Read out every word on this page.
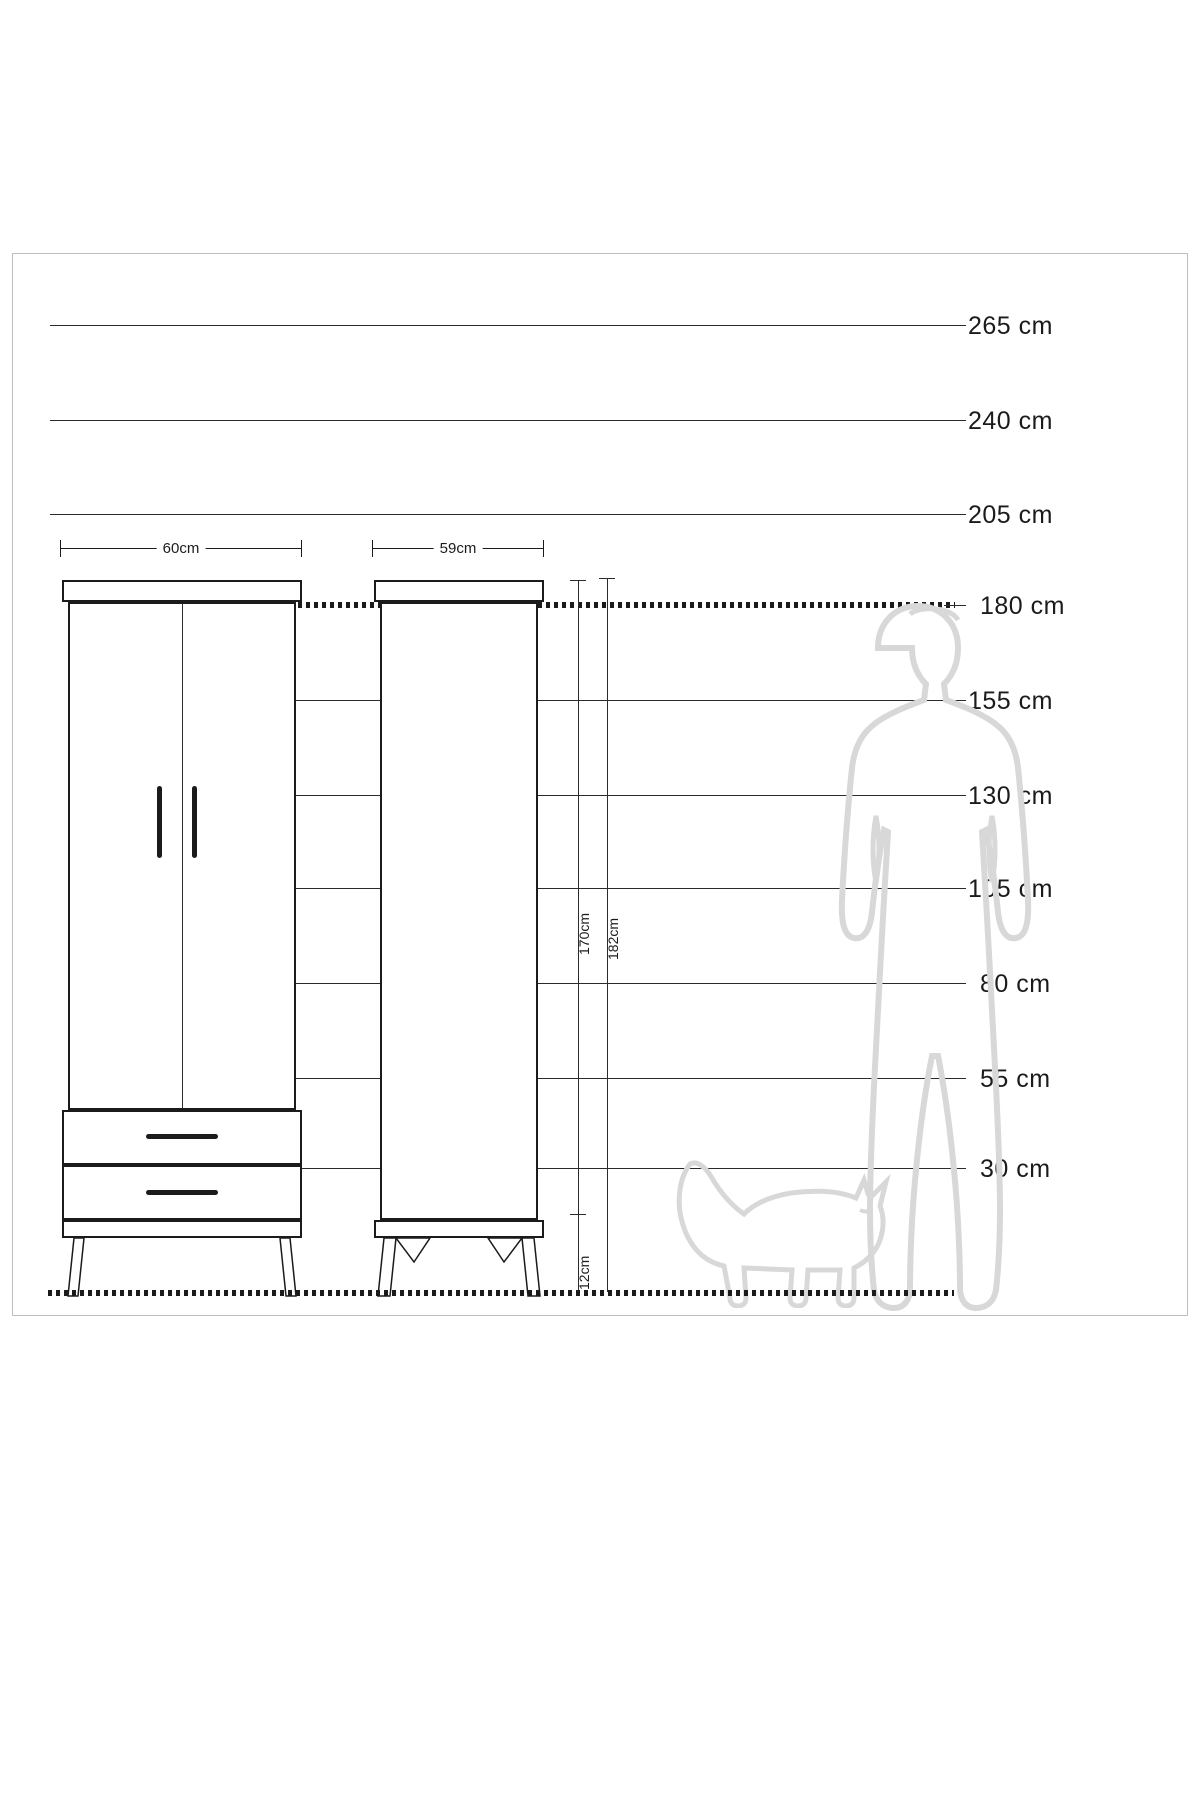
265 cm
240 cm
205 cm
180 cm
155 cm
130 cm
105 cm
80 cm
55 cm
30 cm
60cm	59cm
170cm 182cm
12cm
